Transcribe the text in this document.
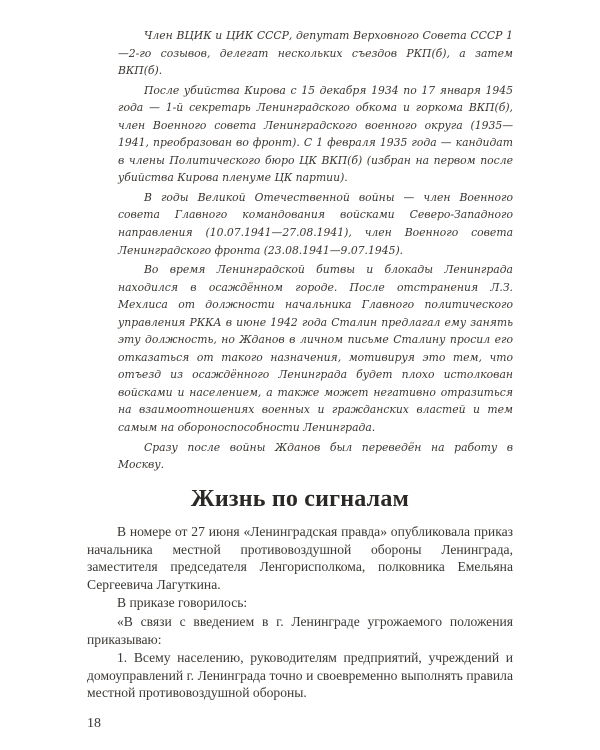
Член ВЦИК и ЦИК СССР, депутат Верховного Совета СССР 1—2-го созывов, делегат нескольких съездов РКП(б), а затем ВКП(б).

После убийства Кирова с 15 декабря 1934 по 17 января 1945 года — 1-й секретарь Ленинградского обкома и горкома ВКП(б), член Военного совета Ленинградского военного округа (1935—1941, преобразован во фронт). С 1 февраля 1935 года — кандидат в члены Политического бюро ЦК ВКП(б) (избран на первом после убийства Кирова пленуме ЦК партии).

В годы Великой Отечественной войны — член Военного совета Главного командования войсками Северо-Западного направления (10.07.1941—27.08.1941), член Военного совета Ленинградского фронта (23.08.1941—9.07.1945).

Во время Ленинградской битвы и блокады Ленинграда находился в осаждённом городе. После отстранения Л.З. Мехлиса от должности начальника Главного политического управления РККА в июне 1942 года Сталин предлагал ему занять эту должность, но Жданов в личном письме Сталину просил его отказаться от такого назначения, мотивируя это тем, что отъезд из осаждённого Ленинграда будет плохо истолкован войсками и населением, а также может негативно отразиться на взаимоотношениях военных и гражданских властей и тем самым на обороноспособности Ленинграда.

Сразу после войны Жданов был переведён на работу в Москву.

Жизнь по сигналам

В номере от 27 июня «Ленинградская правда» опубликовала приказ начальника местной противовоздушной обороны Ленинграда, заместителя председателя Ленгорисполкома, полковника Емельяна Сергеевича Лагуткина.

В приказе говорилось:

«В связи с введением в г. Ленинграде угрожаемого положения приказываю:

1. Всему населению, руководителям предприятий, учреждений и домоуправлений г. Ленинграда точно и своевременно выполнять правила местной противовоздушной обороны.

18
